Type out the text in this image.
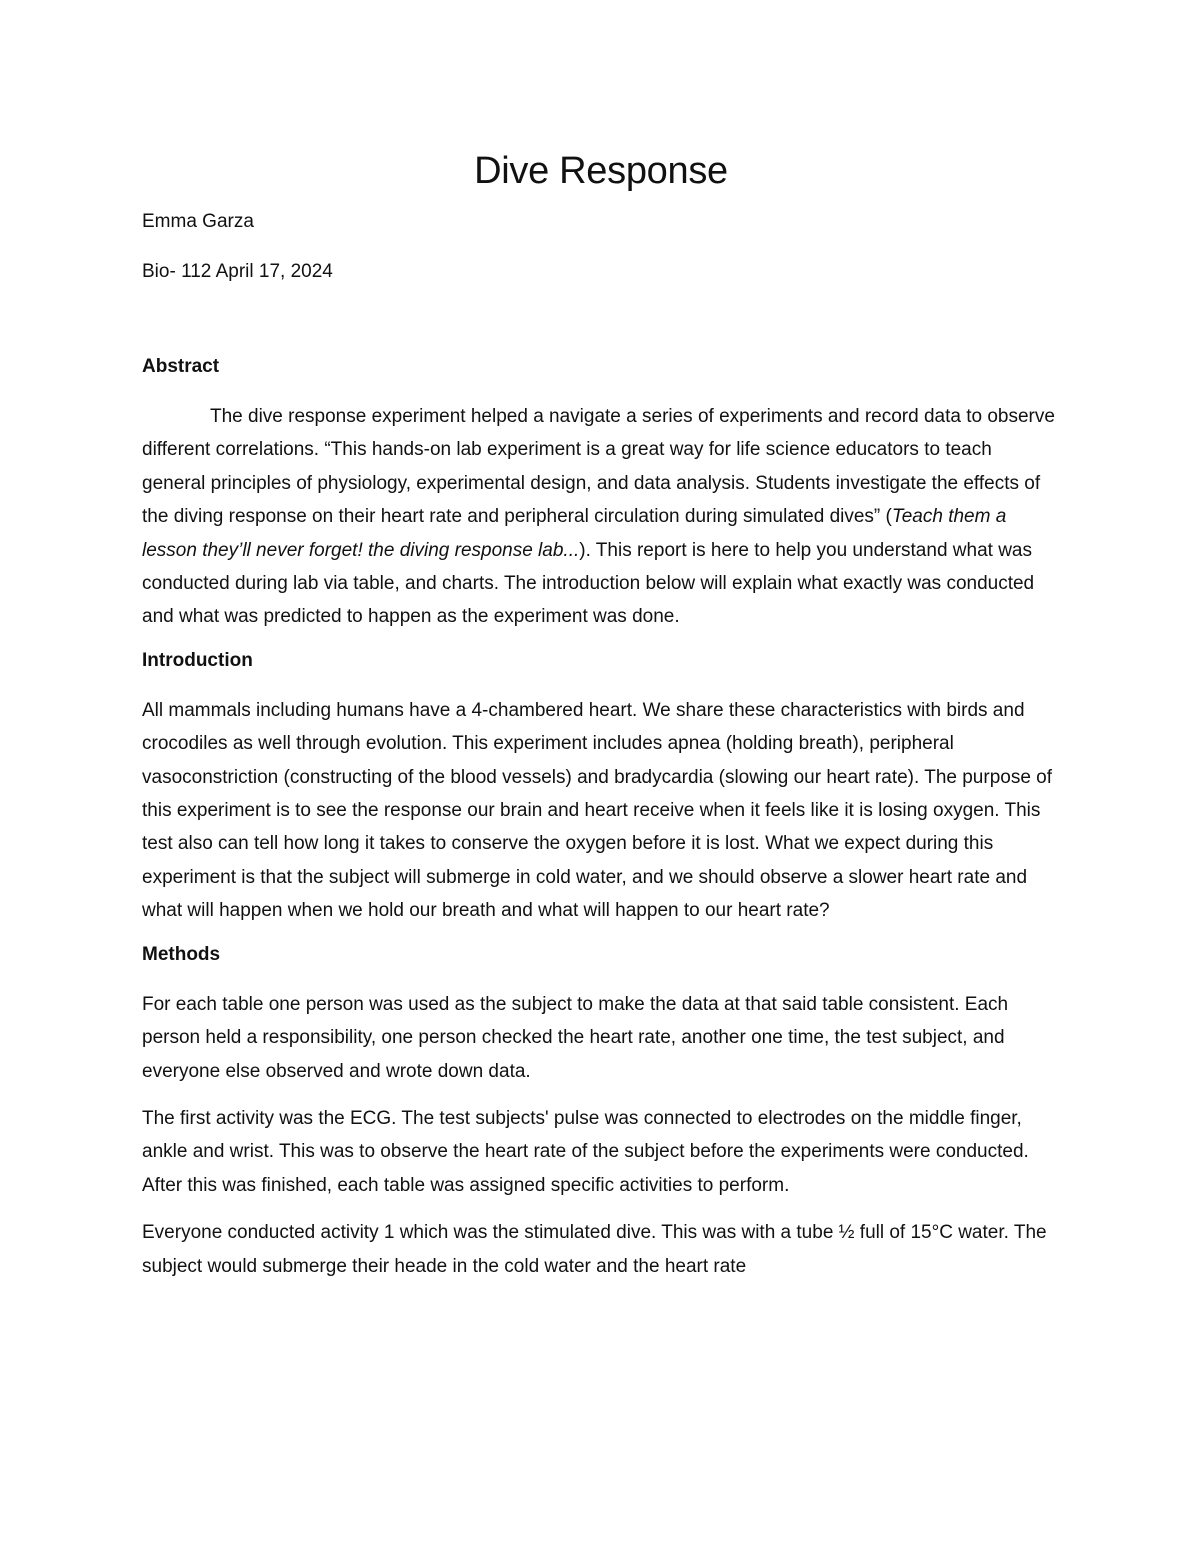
Dive Response
Emma Garza
Bio- 112 April 17, 2024
Abstract

The dive response experiment helped a navigate a series of experiments and record data to observe different correlations. “This hands-on lab experiment is a great way for life science educators to teach general principles of physiology, experimental design, and data analysis. Students investigate the effects of the diving response on their heart rate and peripheral circulation during simulated dives” (Teach them a lesson they’ll never forget! the diving response lab...). This report is here to help you understand what was conducted during lab via table, and charts. The introduction below will explain what exactly was conducted and what was predicted to happen as the experiment was done.

Introduction

All mammals including humans have a 4-chambered heart. We share these characteristics with birds and crocodiles as well through evolution. This experiment includes apnea (holding breath), peripheral vasoconstriction (constructing of the blood vessels) and bradycardia (slowing our heart rate). The purpose of this experiment is to see the response our brain and heart receive when it feels like it is losing oxygen. This test also can tell how long it takes to conserve the oxygen before it is lost. What we expect during this experiment is that the subject will submerge in cold water, and we should observe a slower heart rate and what will happen when we hold our breath and what will happen to our heart rate?

Methods

For each table one person was used as the subject to make the data at that said table consistent. Each person held a responsibility, one person checked the heart rate, another one time, the test subject, and everyone else observed and wrote down data.

The first activity was the ECG. The test subjects' pulse was connected to electrodes on the middle finger, ankle and wrist. This was to observe the heart rate of the subject before the experiments were conducted. After this was finished, each table was assigned specific activities to perform.

Everyone conducted activity 1 which was the stimulated dive. This was with a tube ½ full of 15°C water. The subject would submerge their heade in the cold water and the heart rate
